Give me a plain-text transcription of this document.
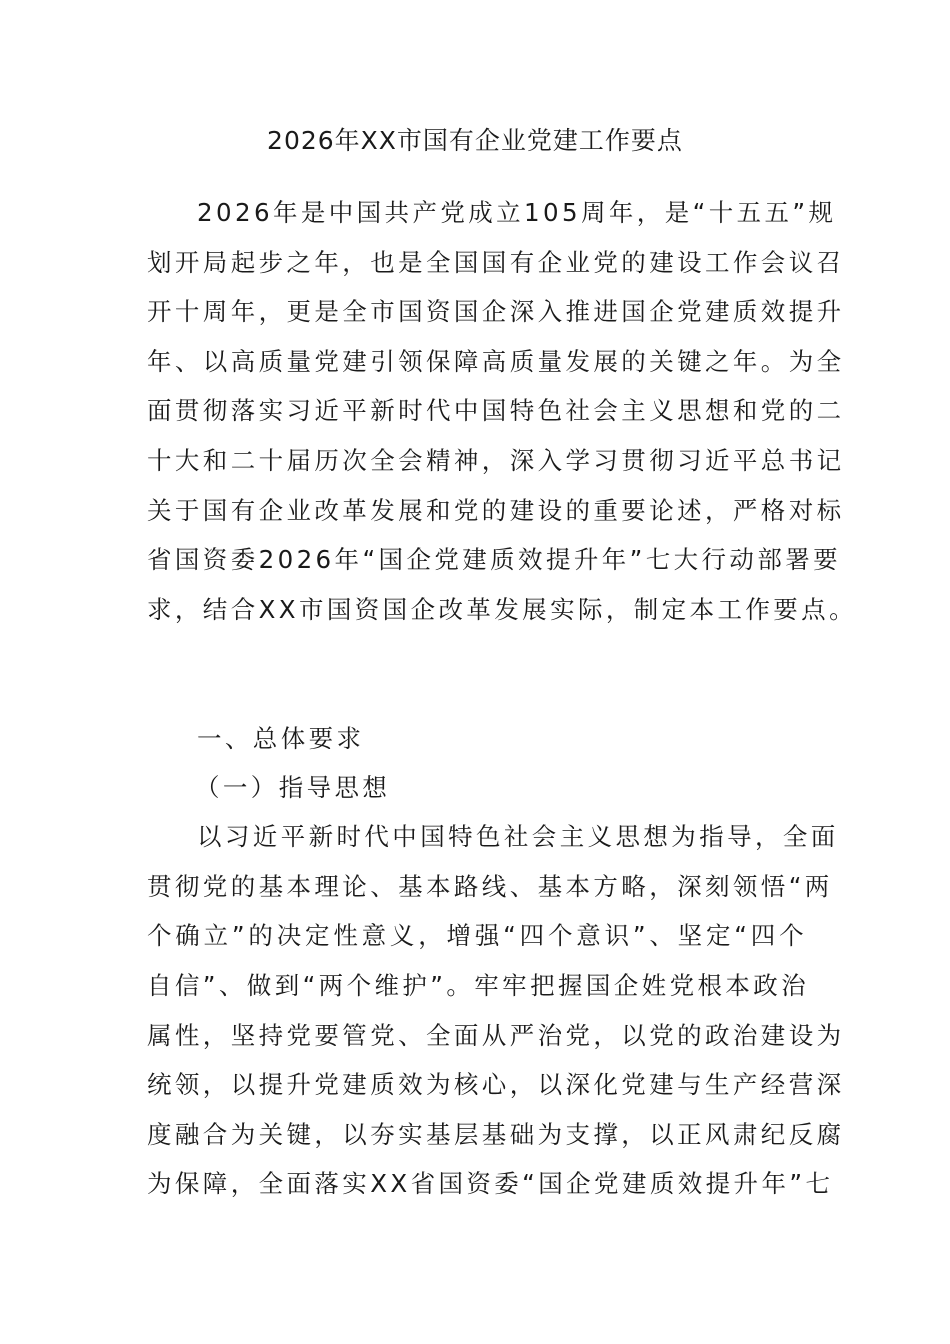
2026年XX市国有企业党建工作要点
2026年是中国共产党成立105周年，是“十五五”规
划开局起步之年，也是全国国有企业党的建设工作会议召
开十周年，更是全市国资国企深入推进国企党建质效提升
年、以高质量党建引领保障高质量发展的关键之年。为全
面贯彻落实习近平新时代中国特色社会主义思想和党的二
十大和二十届历次全会精神，深入学习贯彻习近平总书记
关于国有企业改革发展和党的建设的重要论述，严格对标
省国资委2026年“国企党建质效提升年”七大行动部署要
求，结合XX市国资国企改革发展实际，制定本工作要点。
一、总体要求
（一）指导思想
以习近平新时代中国特色社会主义思想为指导，全面
贯彻党的基本理论、基本路线、基本方略，深刻领悟“两
个确立”的决定性意义，增强“四个意识”、坚定“四个
自信”、做到“两个维护”。牢牢把握国企姓党根本政治
属性，坚持党要管党、全面从严治党，以党的政治建设为
统领，以提升党建质效为核心，以深化党建与生产经营深
度融合为关键，以夯实基层基础为支撑，以正风肃纪反腐
为保障，全面落实XX省国资委“国企党建质效提升年”七
